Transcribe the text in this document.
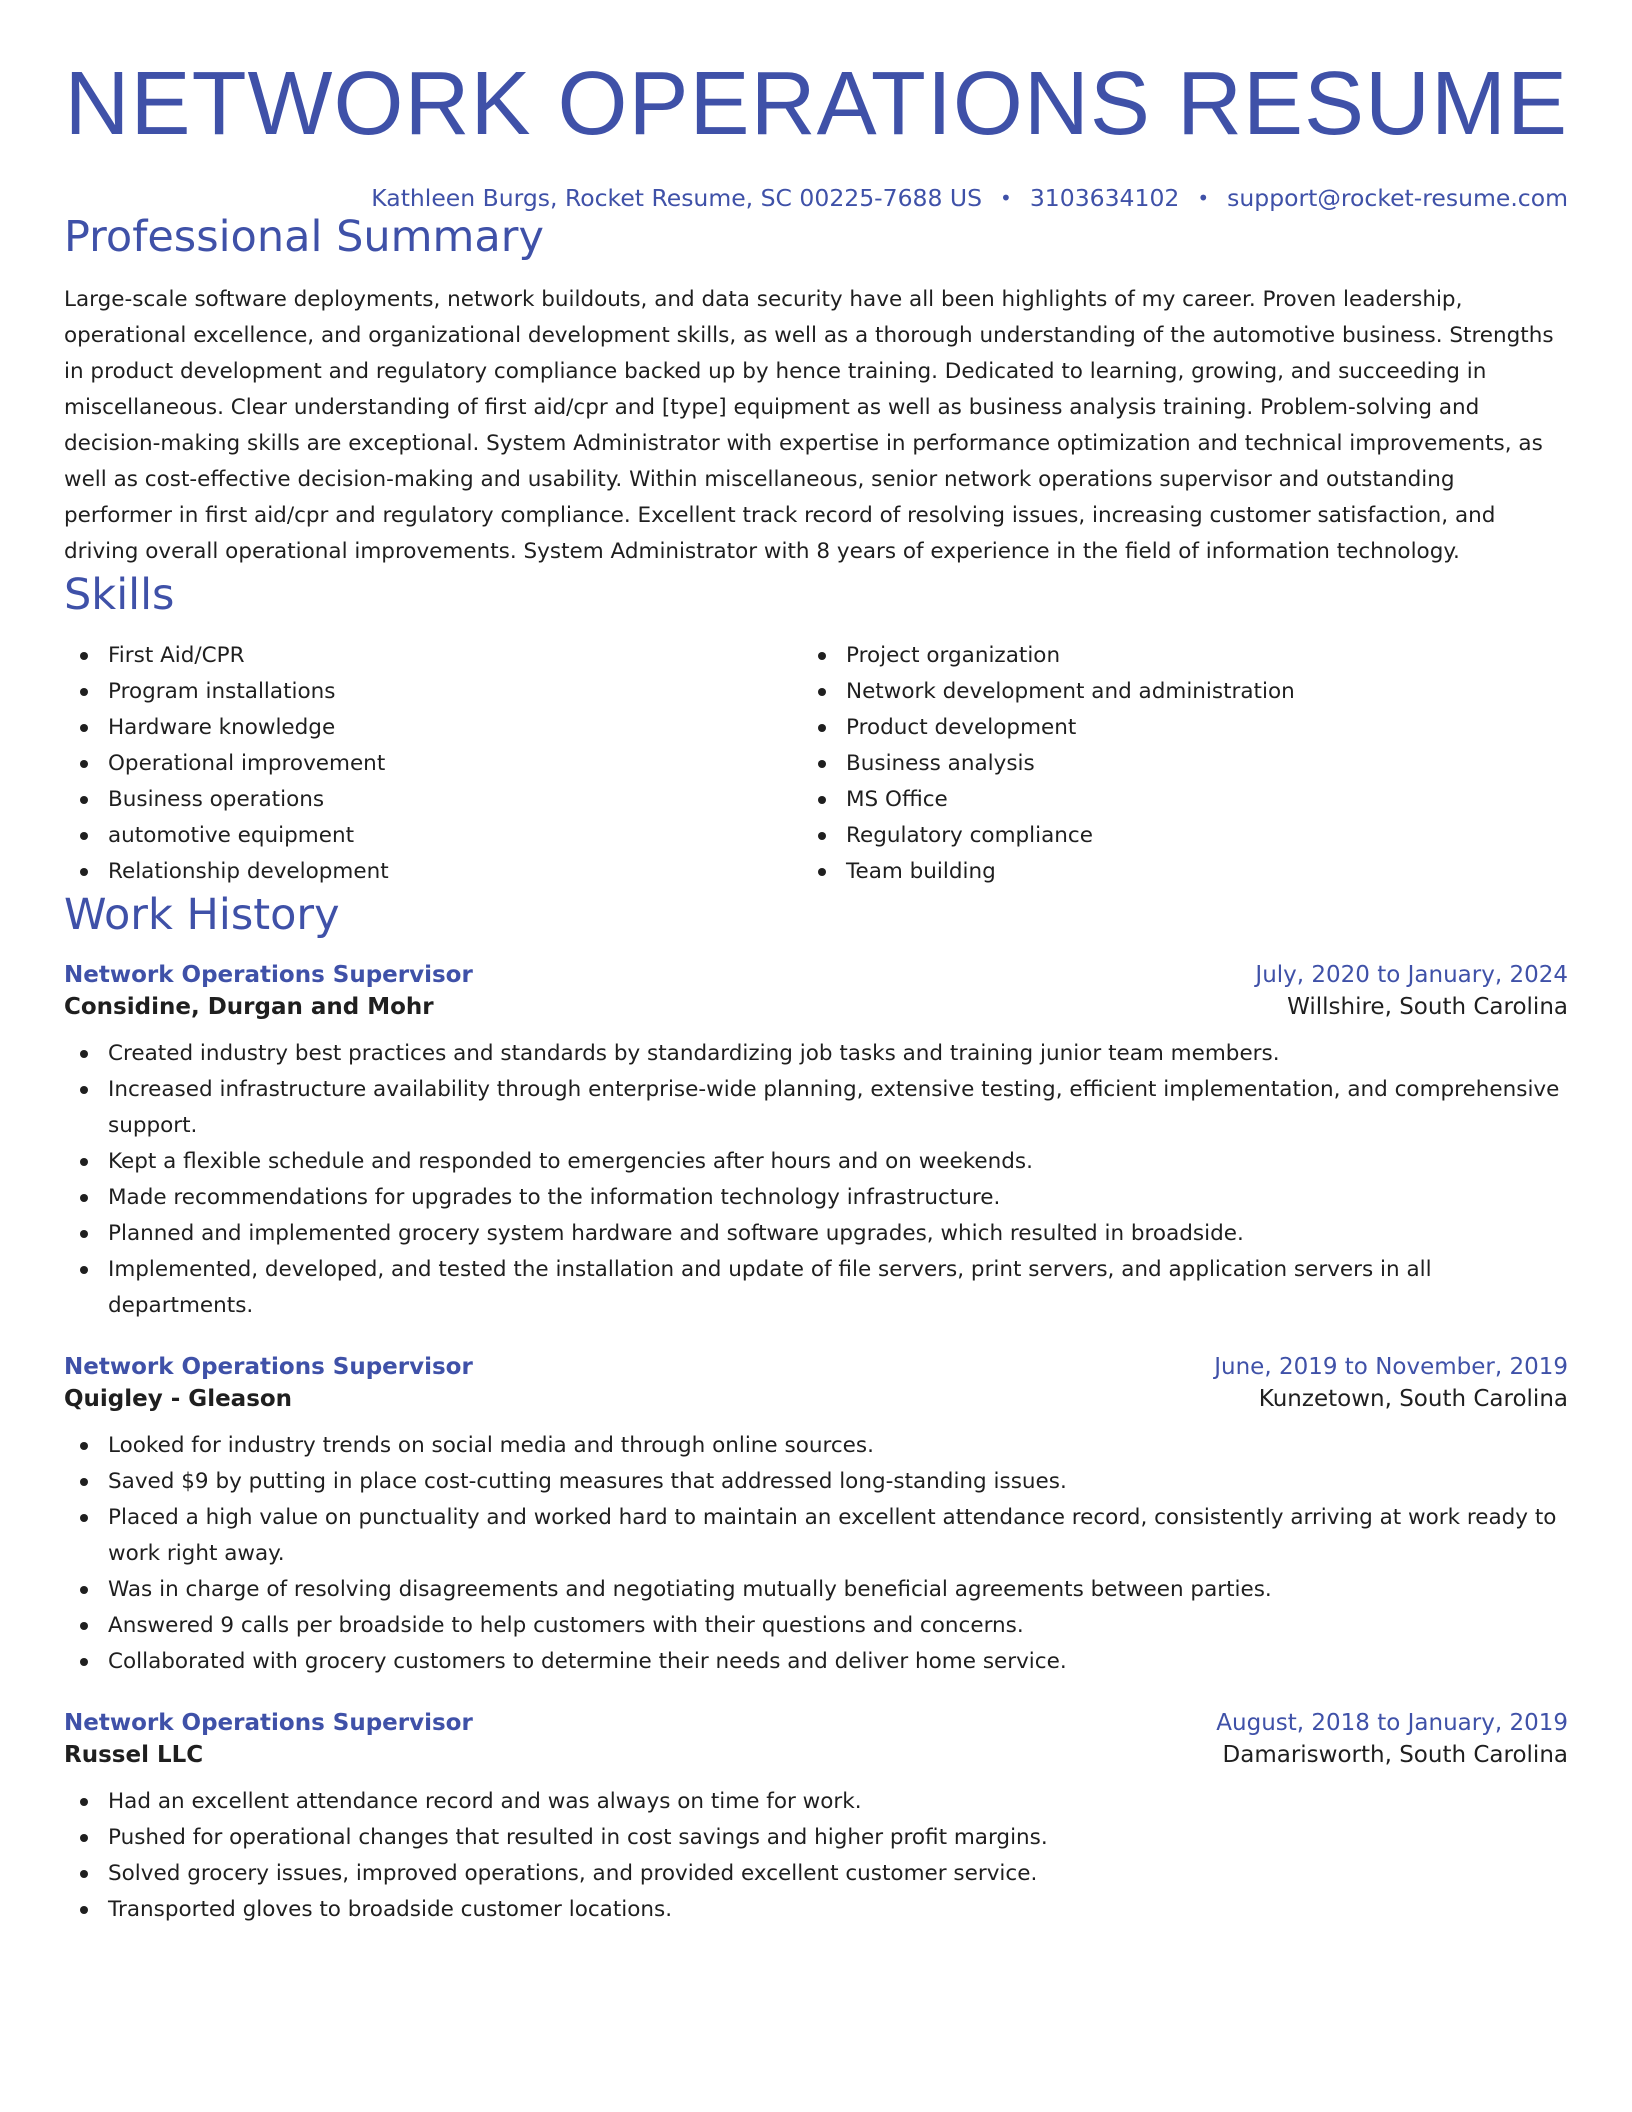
NETWORK OPERATIONS RESUME
Kathleen Burgs, Rocket Resume, SC 00225-7688 US • 3103634102 • support@rocket-resume.com
Professional Summary

Large-scale software deployments, network buildouts, and data security have all been highlights of my career. Proven leadership, operational excellence, and organizational development skills, as well as a thorough understanding of the automotive business. Strengths in product development and regulatory compliance backed up by hence training. Dedicated to learning, growing, and succeeding in miscellaneous. Clear understanding of first aid/cpr and [type] equipment as well as business analysis training. Problem-solving and decision-making skills are exceptional. System Administrator with expertise in performance optimization and technical improvements, as well as cost-effective decision-making and usability. Within miscellaneous, senior network operations supervisor and outstanding performer in first aid/cpr and regulatory compliance. Excellent track record of resolving issues, increasing customer satisfaction, and driving overall operational improvements. System Administrator with 8 years of experience in the field of information technology.

Skills
First Aid/CPR
Program installations
Hardware knowledge
Operational improvement
Business operations
automotive equipment
Relationship development
Project organization
Network development and administration
Product development
Business analysis
MS Office
Regulatory compliance
Team building
Work History
Network Operations Supervisor	July, 2020 to January, 2024
Considine, Durgan and Mohr	Willshire, South Carolina
Created industry best practices and standards by standardizing job tasks and training junior team members.
Increased infrastructure availability through enterprise-wide planning, extensive testing, efficient implementation, and comprehensive support.
Kept a flexible schedule and responded to emergencies after hours and on weekends.
Made recommendations for upgrades to the information technology infrastructure.
Planned and implemented grocery system hardware and software upgrades, which resulted in broadside.
Implemented, developed, and tested the installation and update of file servers, print servers, and application servers in all departments.
Network Operations Supervisor	June, 2019 to November, 2019
Quigley - Gleason	Kunzetown, South Carolina
Looked for industry trends on social media and through online sources.
Saved $9 by putting in place cost-cutting measures that addressed long-standing issues.
Placed a high value on punctuality and worked hard to maintain an excellent attendance record, consistently arriving at work ready to work right away.
Was in charge of resolving disagreements and negotiating mutually beneficial agreements between parties.
Answered 9 calls per broadside to help customers with their questions and concerns.
Collaborated with grocery customers to determine their needs and deliver home service.
Network Operations Supervisor	August, 2018 to January, 2019
Russel LLC	Damarisworth, South Carolina
Had an excellent attendance record and was always on time for work.
Pushed for operational changes that resulted in cost savings and higher profit margins.
Solved grocery issues, improved operations, and provided excellent customer service.
Transported gloves to broadside customer locations.
